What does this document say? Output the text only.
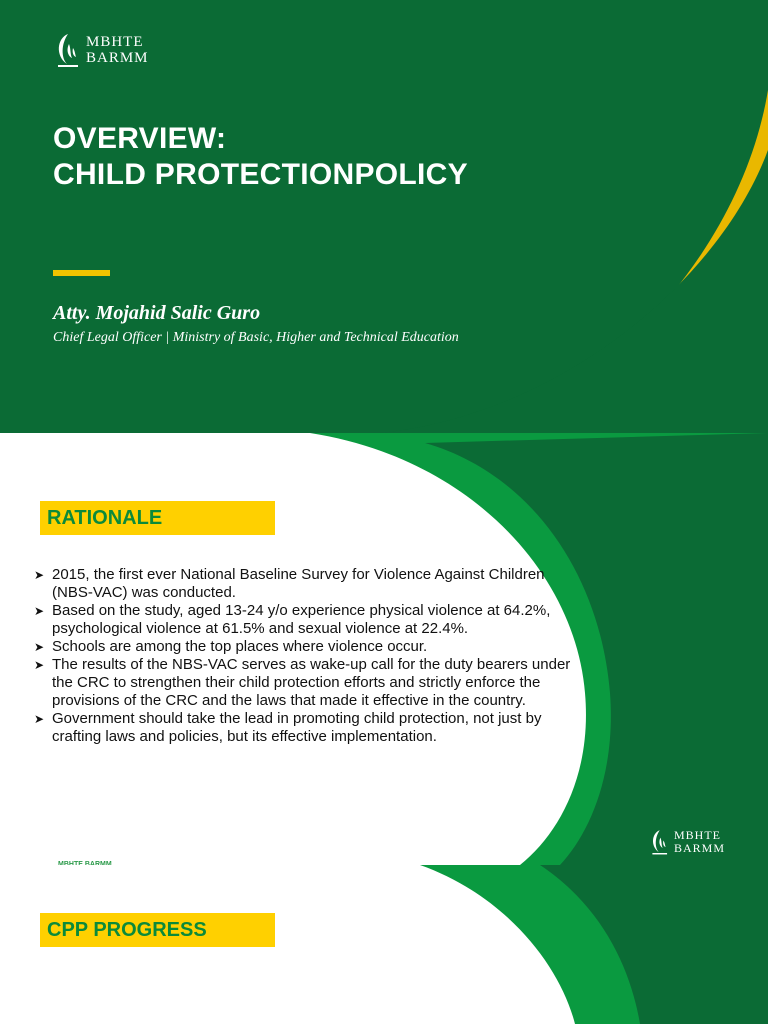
MBHTE
BARMM
OVERVIEW:
CHILD PROTECTIONPOLICY
Atty. Mojahid Salic Guro
Chief Legal Officer | Ministry of Basic, Higher and Technical Education
RATIONALE
➤ 2015, the first ever National Baseline Survey for Violence Against Children (NBS-VAC) was conducted.
➤ Based on the study, aged 13-24 y/o experience physical violence at 64.2%, psychological violence at 61.5% and sexual violence at 22.4%.
➤ Schools are among the top places where violence occur.
➤ The results of the NBS-VAC serves as wake-up call for the duty bearers under the CRC to strengthen their child protection efforts and strictly enforce the provisions of the CRC and the laws that made it effective in the country.
➤ Government should take the lead in promoting child protection, not just by crafting laws and policies, but its effective implementation.
MBHTE
BARMM
MBHTE BARMM
CPP PROGRESS
